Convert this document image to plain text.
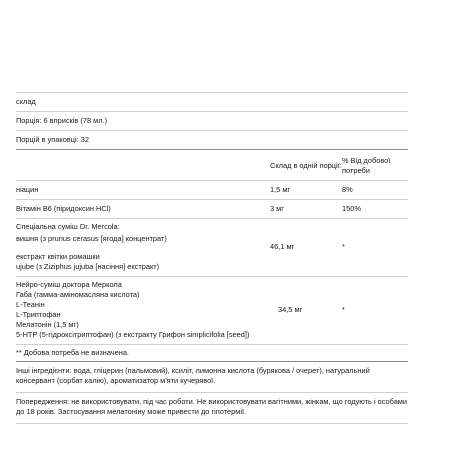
склад
Порція: 6 вприсків (78 мл.)
Порцій в упаковці: 32
Склад в одній порції:
% Від добової потреби
ніацин	1,5 мг	8%
Вітамін B6 (піридоксин HCl)	3 мг	150%
Спеціальна суміш Dr. Mercola:
вишня (з prunus cerasus [ягода] концентрат)
екстракт квітки ромашки
ujube (з Ziziphus jujuba [насіння] екстракт)
46,1 мг	*
Нейро-суміш доктора Меркола
Габа (гамма-аміномасляна кислота)
L-Теанін
L-Триптофан
Мелатонін (1,5 мг)
5-HTP (5-гідроксітриптофан) (з екстракту Грифон simplicifolia [seed])
34,5 мг	*
** Добова потреба не визначена.
Інші інгредієнти: вода, гліцерин (пальмовий), ксиліт, лимонна кислота (бурякова / очерет), натуральний консервант (сорбат калію), ароматизатор м'яти кучерявої.
Попередження: не використовувати, під час роботи. Не використовувати вагітними, жінкам, що годують і особами до 18 років. Застосування мелатоніну може привести до гіпотермії.
